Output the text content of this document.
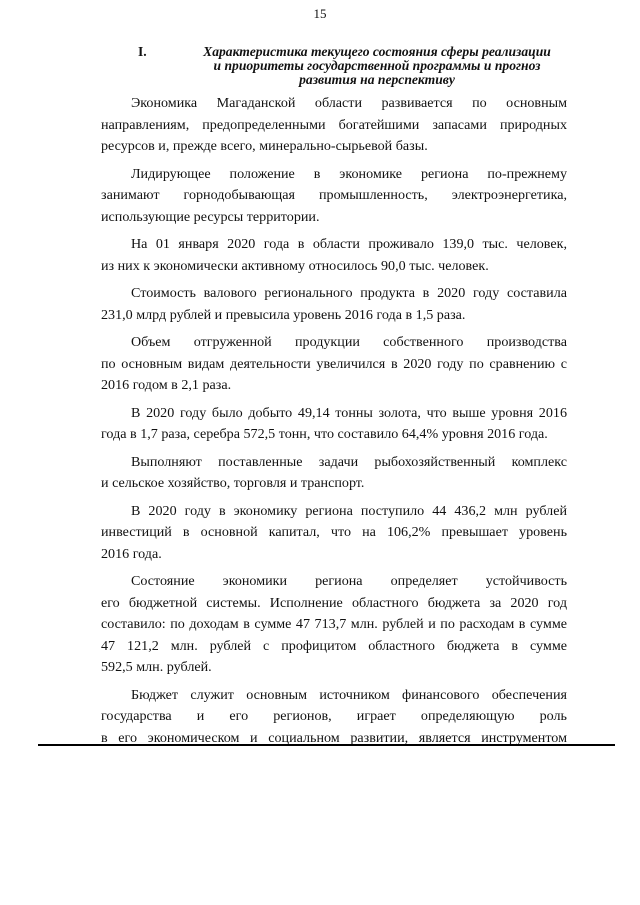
15
I.	Характеристика текущего состояния сферы реализации
и приоритеты государственной программы и прогноз
развития на перспективу
Экономика Магаданской области развивается по основным
направлениям, предопределенными богатейшими запасами природных
ресурсов и, прежде всего, минерально-сырьевой базы.
Лидирующее положение в экономике региона по-прежнему
занимают горнодобывающая промышленность, электроэнергетика,
использующие ресурсы территории.
На 01 января 2020 года в области проживало 139,0 тыс. человек,
из них к экономически активному относилось 90,0 тыс. человек.
Стоимость валового регионального продукта в 2020 году составила
231,0 млрд рублей и превысила уровень 2016 года в 1,5 раза.
Объем отгруженной продукции собственного производства
по основным видам деятельности увеличился в 2020 году по сравнению с
2016 годом в 2,1 раза.
В 2020 году было добыто 49,14 тонны золота, что выше уровня 2016
года в 1,7 раза, серебра 572,5 тонн, что составило 64,4% уровня 2016 года.
Выполняют поставленные задачи рыбохозяйственный комплекс
и сельское хозяйство, торговля и транспорт.
В 2020 году в экономику региона поступило 44 436,2 млн рублей
инвестиций в основной капитал, что на 106,2% превышает уровень
2016 года.
Состояние экономики региона определяет устойчивость
его бюджетной системы. Исполнение областного бюджета за 2020 год
составило: по доходам в сумме 47 713,7 млн. рублей и по расходам в сумме
47 121,2 млн. рублей с профицитом областного бюджета в сумме
592,5 млн. рублей.
Бюджет служит основным источником финансового обеспечения
государства и его регионов, играет определяющую роль
в его экономическом и социальном развитии, является инструментом
